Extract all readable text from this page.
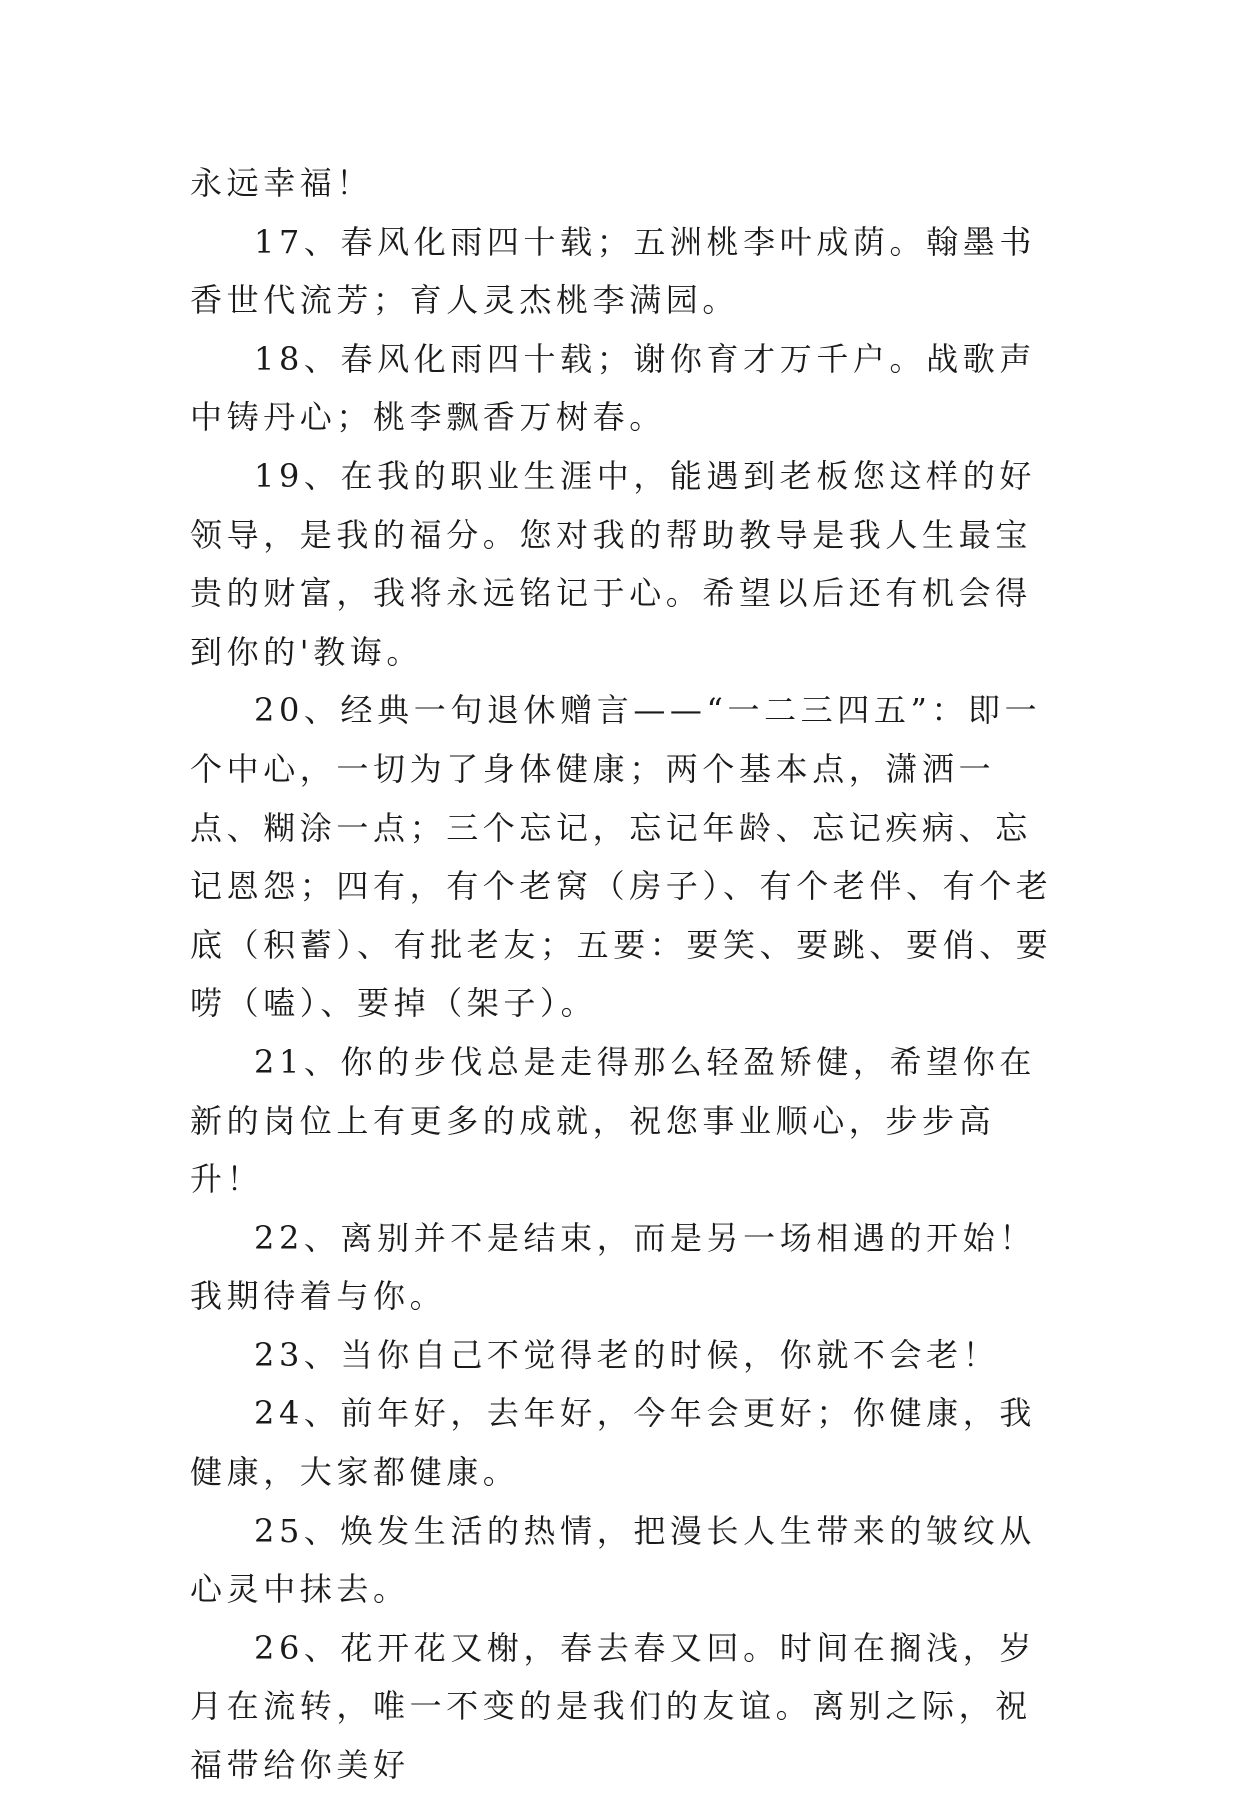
永远幸福！

17、春风化雨四十载；五洲桃李叶成荫。翰墨书香世代流芳；育人灵杰桃李满园。

18、春风化雨四十载；谢你育才万千户。战歌声中铸丹心；桃李飘香万树春。

19、在我的职业生涯中，能遇到老板您这样的好领导，是我的福分。您对我的帮助教导是我人生最宝贵的财富，我将永远铭记于心。希望以后还有机会得到你的'教诲。

20、经典一句退休赠言——“一二三四五”：即一个中心，一切为了身体健康；两个基本点，潇洒一点、糊涂一点；三个忘记，忘记年龄、忘记疾病、忘记恩怨；四有，有个老窝（房子）、有个老伴、有个老底（积蓄）、有批老友；五要：要笑、要跳、要俏、要唠（嗑）、要掉（架子）。

21、你的步伐总是走得那么轻盈矫健，希望你在新的岗位上有更多的成就，祝您事业顺心，步步高升！

22、离别并不是结束，而是另一场相遇的开始！我期待着与你。

23、当你自己不觉得老的时候，你就不会老！

24、前年好，去年好，今年会更好；你健康，我健康，大家都健康。

25、焕发生活的热情，把漫长人生带来的皱纹从心灵中抹去。

26、花开花又榭，春去春又回。时间在搁浅，岁月在流转，唯一不变的是我们的友谊。离别之际，祝福带给你美好
